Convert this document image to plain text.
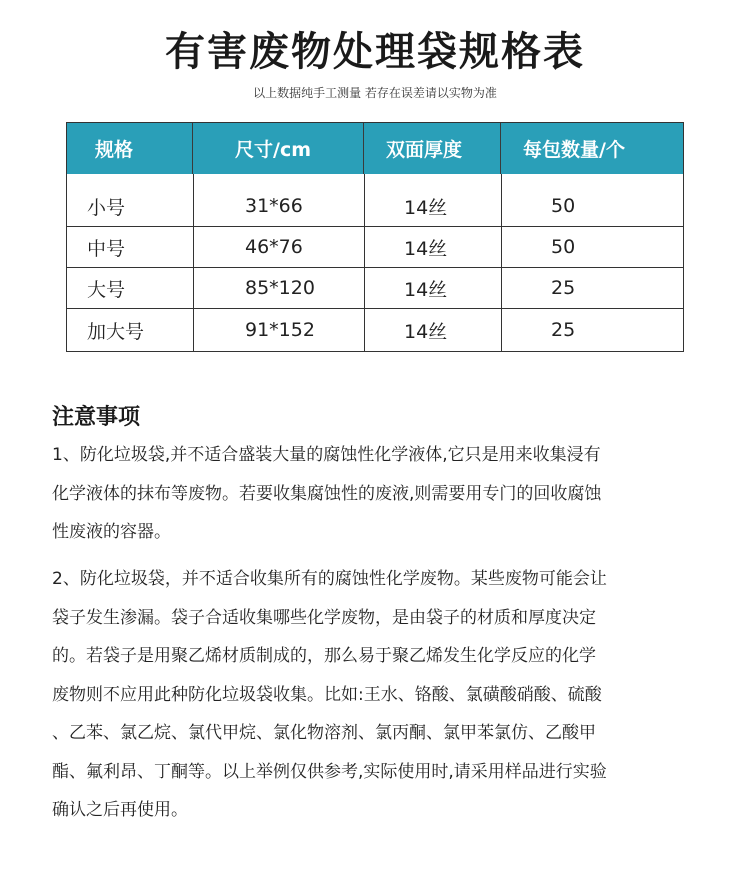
有害废物处理袋规格表
以上数据纯手工测量 若存在误差请以实物为准
规格	尺寸/cm	双面厚度	每包数量/个
小号	31*66	14丝	50
中号	46*76	14丝	50
大号	85*120	14丝	25
加大号	91*152	14丝	25
注意事项
1、防化垃圾袋,并不适合盛装大量的腐蚀性化学液体,它只是用来收集浸有
化学液体的抹布等废物。若要收集腐蚀性的废液,则需要用专门的回收腐蚀
性废液的容器。
2、防化垃圾袋，并不适合收集所有的腐蚀性化学废物。某些废物可能会让
袋子发生渗漏。袋子合适收集哪些化学废物，是由袋子的材质和厚度决定
的。若袋子是用聚乙烯材质制成的，那么易于聚乙烯发生化学反应的化学
废物则不应用此种防化垃圾袋收集。比如:王水、铬酸、氯磺酸硝酸、硫酸
、乙苯、氯乙烷、氯代甲烷、氯化物溶剂、氯丙酮、氯甲苯氯仿、乙酸甲
酯、氟利昂、丁酮等。以上举例仅供参考,实际使用时,请采用样品进行实验
确认之后再使用。
